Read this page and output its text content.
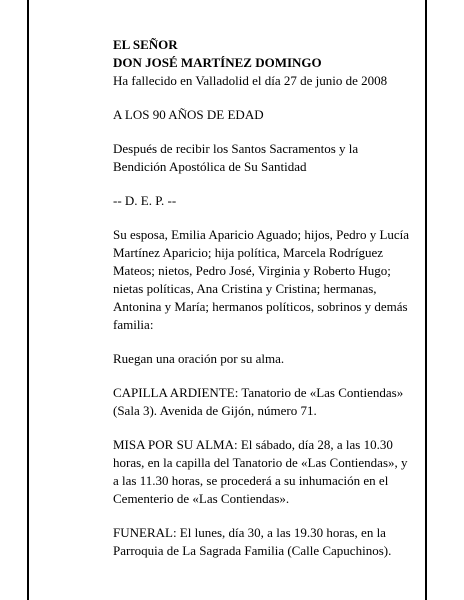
EL SEÑOR

DON JOSÉ MARTÍNEZ DOMINGO

Ha fallecido en Valladolid el día 27 de junio de 2008

A LOS 90 AÑOS DE EDAD

Después de recibir los Santos Sacramentos y la Bendición Apostólica de Su Santidad

-- D. E. P. --

Su esposa, Emilia Aparicio Aguado; hijos, Pedro y Lucía Martínez Aparicio; hija política, Marcela Rodríguez Mateos; nietos, Pedro José, Virginia y Roberto Hugo; nietas políticas, Ana Cristina y Cristina; hermanas, Antonina y María; hermanos políticos, sobrinos y demás familia:

Ruegan una oración por su alma.

CAPILLA ARDIENTE: Tanatorio de «Las Contiendas» (Sala 3). Avenida de Gijón, número 71.

MISA POR SU ALMA: El sábado, día 28, a las 10.30 horas, en la capilla del Tanatorio de «Las Contiendas», y a las 11.30 horas, se procederá a su inhumación en el Cementerio de «Las Contiendas».

FUNERAL: El lunes, día 30, a las 19.30 horas, en la Parroquia de La Sagrada Familia (Calle Capuchinos).
